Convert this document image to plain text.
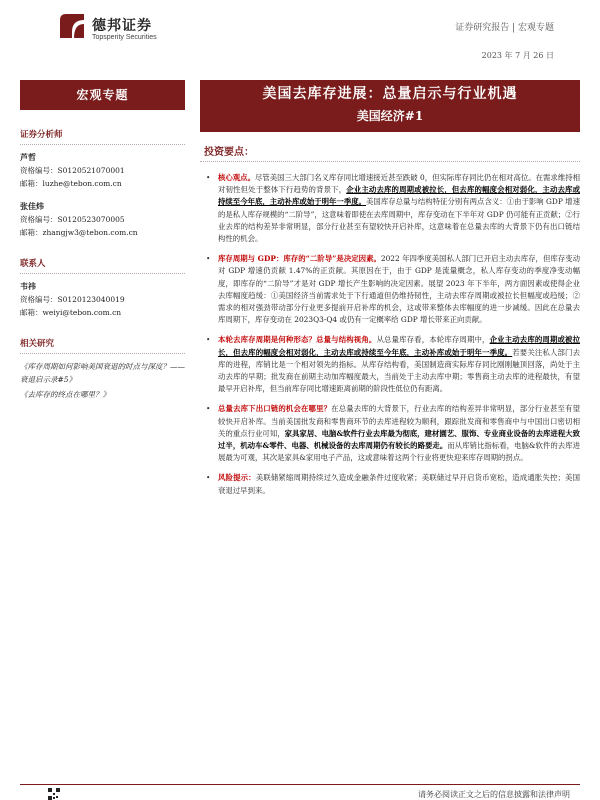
德邦证券
Topsperity Securities
证券研究报告 | 宏观专题
2023 年 7 月 26 日
宏观专题
证券分析师
芦哲
资格编号：S0120521070001
邮箱：luzhe@tebon.com.cn
张佳炜
资格编号：S0120523070005
邮箱：zhangjw3@tebon.com.cn
联系人
韦祎
资格编号：S0120123040019
邮箱：weiyi@tebon.com.cn
相关研究
《库存周期如何影响美国衰退的时点与深度？——衰退启示录#5》
《去库存的终点在哪里？》
美国去库存进展：总量启示与行业机遇
美国经济#1
投资要点：
• 核心观点。尽管美国三大部门名义库存同比增速接近甚至跌破 0，但实际库存同比仍在相对高位。在需求维持相对韧性但处于整体下行趋势的背景下，企业主动去库的周期或被拉长，但去库的幅度会相对弱化，主动去库或持续至今年底，主动补库或始于明年一季度。美国库存总量与结构特征分别有两点含义：①由于影响 GDP 增速的是私人库存规模的“二阶导”，这意味着即使在去库周期中，库存变动在下半年对 GDP 仍可能有正贡献；②行业去库的结构差异非常明显，部分行业甚至有望较快开启补库，这意味着在总量去库的大背景下仍有出口链结构性的机会。
• 库存周期与 GDP：库存的“二阶导”是决定因素。2022 年四季度美国私人部门已开启主动去库存，但库存变动对 GDP 增速仍贡献 1.47%的正贡献。其原因在于，由于 GDP 是流量概念，私人库存变动的季度净变动幅度，即库存的“二阶导”才是对 GDP 增长产生影响的决定因素。展望 2023 年下半年，两方面因素或使得企业去库幅度趋缓：①美国经济当前需求处于下行通道但仍维持韧性，主动去库存周期或被拉长但幅度或趋缓；②需求的相对强劲带动部分行业更多提前开启补库的机会，这或带来整体去库幅度的进一步减缓。因此在总量去库周期下，库存变动在 2023Q3-Q4 或仍有一定概率给 GDP 增长带来正向贡献。
• 本轮去库存周期是何种形态？总量与结构视角。从总量库存看，本轮库存周期中，企业主动去库的周期或被拉长，但去库的幅度会相对弱化，主动去库或持续至今年底，主动补库或始于明年一季度。若要关注私人部门去库的进程，库销比是一个相对领先的指标。从库存结构看，美国制造商实际库存同比刚刚触顶回落，尚处于主动去库的早期；批发商在前期主动加库幅度最大，当前处于主动去库中期；零售商主动去库的进程最快，有望最早开启补库，但当前库存同比增速距离前期的阶段性低位仍有距离。
• 总量去库下出口链的机会在哪里？在总量去库的大背景下，行业去库的结构差异非常明显，部分行业甚至有望较快开启补库。当前美国批发商和零售商环节的去库进程较为顺利，跟踪批发商和零售商中与中国出口密切相关的重点行业可知，家具家居、电脑&软件行业去库最为彻底，建材園艺、服饰、专业商业设备的去库进程大致过半，机动车&零件、电器、机械设备的去库周期仍有较长的路要走。而从库销比指标看，电脑&软件的去库进展最为可观，其次是家具&家用电子产品，这或意味着这两个行业将更快迎来库存周期的拐点。
• 风险提示：美联储紧缩周期持续过久造成金融条件过度收紧；美联储过早开启货币宽松，造成通胀失控；美国衰退过早到来。
请务必阅读正文之后的信息披露和法律声明
